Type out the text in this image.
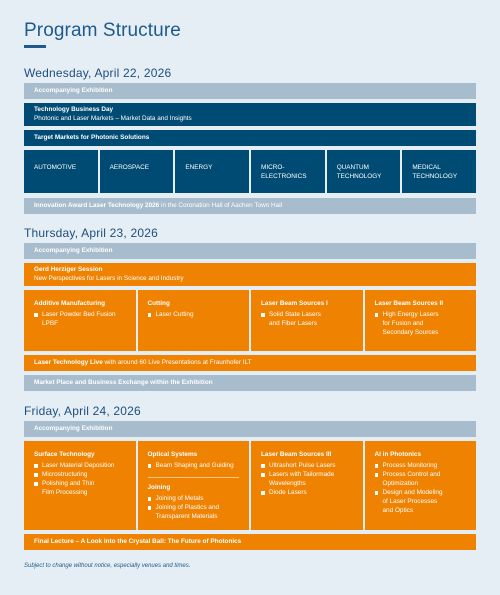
Program Structure
Wednesday, April 22, 2026
Accompanying Exhibition
Technology Business Day
Photonic and Laser Markets – Market Data and Insights
Target Markets for Photonic Solutions
AUTOMOTIVE	AEROSPACE	ENERGY	MICRO-
ELECTRONICS
QUANTUM
TECHNOLOGY
MEDICAL
TECHNOLOGY
Innovation Award Laser Technology 2026 in the Coronation Hall of Aachen Town Hall
Thursday, April 23, 2026
Accompanying Exhibition
Gerd Herziger Session
New Perspectives for Lasers in Science and Industry
Additive Manufacturing
Laser Powder Bed Fusion
LPBF
Cutting
Laser Cutting
Laser Beam Sources I
Solid State Lasers
and Fiber Lasers
Laser Beam Sources II
High Energy Lasers
for Fusion and
Secondary Sources
Laser Technology Live with around 60 Live Presentations at Fraunhofer ILT
Market Place and Business Exchange within the Exhibition
Friday, April 24, 2026
Accompanying Exhibition
Surface Technology
Laser Material Deposition
Microstructuring
Polishing and Thin
Film Processing
Optical Systems
Beam Shaping and Guiding
Joining
Joining of Metals
Joining of Plastics and
Transparent Materials
Laser Beam Sources III
Ultrashort Pulse Lasers
Lasers with Tailormade
Wavelengths
Diode Lasers
AI in Photonics
Process Monitoring
Process Control and
Optimization
Design and Modeling
of Laser Processes
and Optics
Final Lecture – A Look into the Crystal Ball: The Future of Photonics
Subject to change without notice, especially venues and times.
